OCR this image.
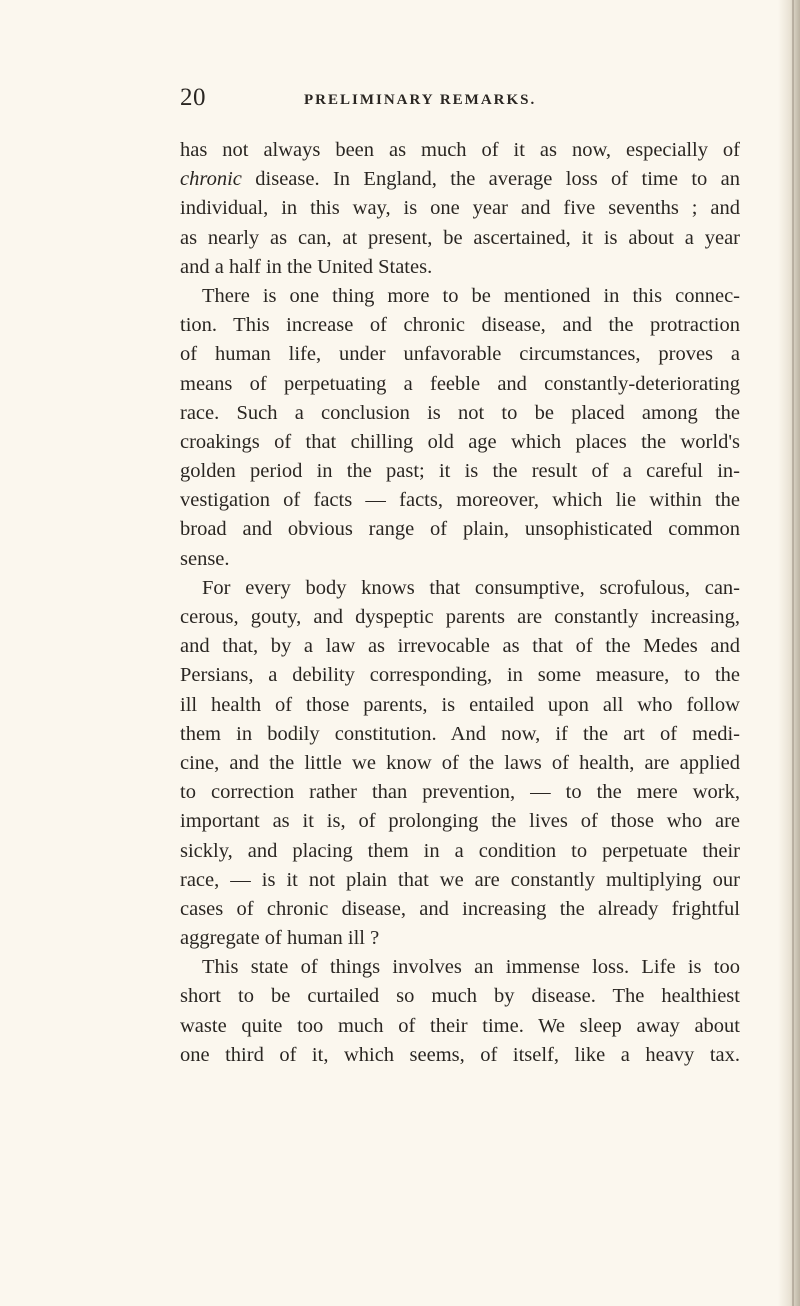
20	PRELIMINARY REMARKS.
has not always been as much of it as now, especially of
chronic disease. In England, the average loss of time to an
individual, in this way, is one year and five sevenths ; and
as nearly as can, at present, be ascertained, it is about a year
and a half in the United States.
There is one thing more to be mentioned in this connec-
tion. This increase of chronic disease, and the protraction
of human life, under unfavorable circumstances, proves a
means of perpetuating a feeble and constantly-deteriorating
race. Such a conclusion is not to be placed among the
croakings of that chilling old age which places the world's
golden period in the past; it is the result of a careful in-
vestigation of facts — facts, moreover, which lie within the
broad and obvious range of plain, unsophisticated common
sense.
For every body knows that consumptive, scrofulous, can-
cerous, gouty, and dyspeptic parents are constantly increasing,
and that, by a law as irrevocable as that of the Medes and
Persians, a debility corresponding, in some measure, to the
ill health of those parents, is entailed upon all who follow
them in bodily constitution. And now, if the art of medi-
cine, and the little we know of the laws of health, are applied
to correction rather than prevention, — to the mere work,
important as it is, of prolonging the lives of those who are
sickly, and placing them in a condition to perpetuate their
race, — is it not plain that we are constantly multiplying our
cases of chronic disease, and increasing the already frightful
aggregate of human ill ?
This state of things involves an immense loss. Life is too
short to be curtailed so much by disease. The healthiest
waste quite too much of their time. We sleep away about
one third of it, which seems, of itself, like a heavy tax.
